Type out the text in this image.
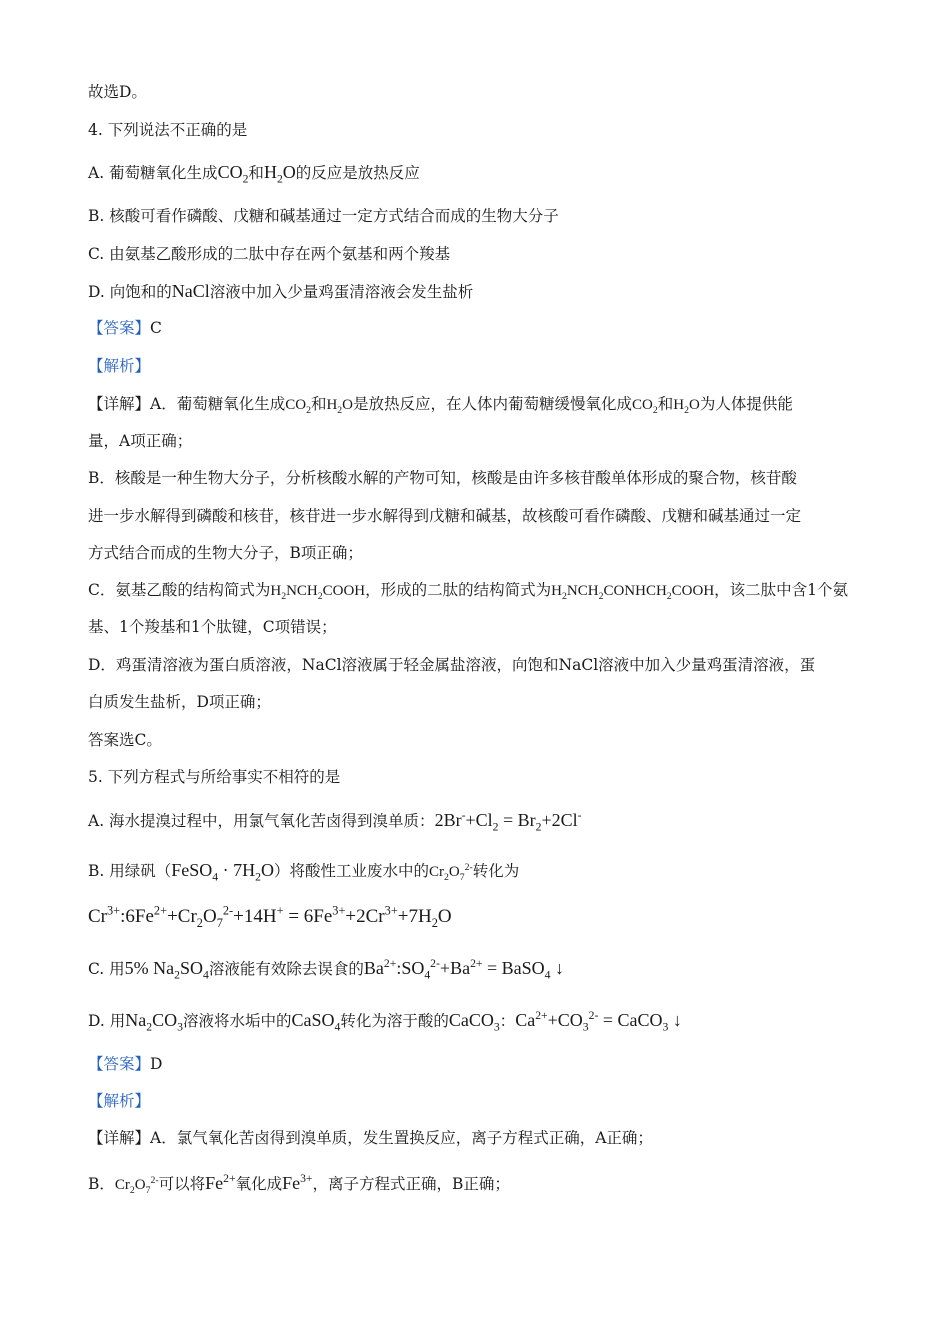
故选D。
4. 下列说法不正确的是
A. 葡萄糖氧化生成$CO_2$和$H_2O$的反应是放热反应
B. 核酸可看作磷酸、戊糖和碱基通过一定方式结合而成的生物大分子
C. 由氨基乙酸形成的二肽中存在两个氨基和两个羧基
D. 向饱和的NaCl溶液中加入少量鸡蛋清溶液会发生盐析
【答案】C
【解析】
【详解】A．葡萄糖氧化生成$CO_2$和$H_2O$是放热反应，在人体内葡萄糖缓慢氧化成$CO_2$和$H_2O$为人体提供能
量，A项正确；
B．核酸是一种生物大分子，分析核酸水解的产物可知，核酸是由许多核苷酸单体形成的聚合物，核苷酸
进一步水解得到磷酸和核苷，核苷进一步水解得到戊糖和碱基，故核酸可看作磷酸、戊糖和碱基通过一定
方式结合而成的生物大分子，B项正确；
C．氨基乙酸的结构简式为$H_2NCH_2COOH$，形成的二肽的结构简式为$H_2NCH_2CONHCH_2COOH$，该二肽中含1个氨
基、1个羧基和1个肽键，C项错误；
D．鸡蛋清溶液为蛋白质溶液，NaCl溶液属于轻金属盐溶液，向饱和NaCl溶液中加入少量鸡蛋清溶液，蛋
白质发生盐析，D项正确；
答案选C。
5. 下列方程式与所给事实不相符的是
A. 海水提溴过程中，用氯气氧化苦卤得到溴单质：$2Br^-+Cl_2 = Br_2+2Cl^-$
B. 用绿矾（FeSO$_4$ · $7H_2O$）将酸性工业废水中的$Cr_2O_7^{2-}$转化为
$Cr^{3+}:6Fe^{2+}+Cr_2O_7^{2-}+14H^+ = 6Fe^{3+}+2Cr^{3+}+7H_2O$
C. 用5% $Na_2SO_4$溶液能有效除去误食的$Ba^{2+}:SO_4^{2-}+Ba^{2+}$ = BaSO$_4$ ↓
D. 用$Na_2CO_3$溶液将水垢中的CaSO$_4$转化为溶于酸的CaCO$_3$：$Ca^{2+}+CO_3^{2-}$ = CaCO$_3$ ↓
【答案】D
【解析】
【详解】A．氯气氧化苦卤得到溴单质，发生置换反应，离子方程式正确，A正确；
B．$Cr_2O_7^{2-}$可以将$Fe^{2+}$氧化成$Fe^{3+}$，离子方程式正确，B正确；
